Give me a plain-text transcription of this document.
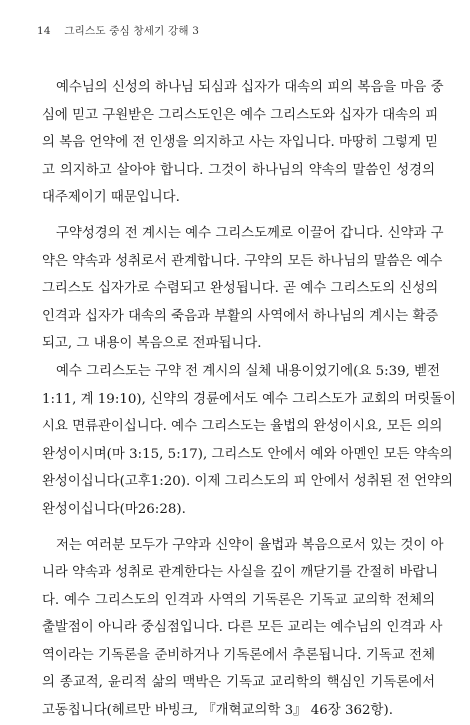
14 그리스도 중심 창세기 강해 3
예수님의 신성의 하나님 되심과 십자가 대속의 피의 복음을 마음 중
심에 믿고 구원받은 그리스도인은 예수 그리스도와 십자가 대속의 피
의 복음 언약에 전 인생을 의지하고 사는 자입니다. 마땅히 그렇게 믿
고 의지하고 살아야 합니다. 그것이 하나님의 약속의 말씀인 성경의
대주제이기 때문입니다.
구약성경의 전 계시는 예수 그리스도께로 이끌어 갑니다. 신약과 구
약은 약속과 성취로서 관계합니다. 구약의 모든 하나님의 말씀은 예수
그리스도 십자가로 수렴되고 완성됩니다. 곧 예수 그리스도의 신성의
인격과 십자가 대속의 죽음과 부활의 사역에서 하나님의 계시는 확증
되고, 그 내용이 복음으로 전파됩니다.
예수 그리스도는 구약 전 계시의 실체 내용이었기에(요 5:39, 벧전
1:11, 계 19:10), 신약의 경륜에서도 예수 그리스도가 교회의 머릿돌이
시요 면류관이십니다. 예수 그리스도는 율법의 완성이시요, 모든 의의
완성이시며(마 3:15, 5:17), 그리스도 안에서 예와 아멘인 모든 약속의
완성이십니다(고후1:20). 이제 그리스도의 피 안에서 성취된 전 언약의
완성이십니다(마26:28).
저는 여러분 모두가 구약과 신약이 율법과 복음으로서 있는 것이 아
니라 약속과 성취로 관계한다는 사실을 깊이 깨닫기를 간절히 바랍니
다. 예수 그리스도의 인격과 사역의 기독론은 기독교 교의학 전체의
출발점이 아니라 중심점입니다. 다른 모든 교리는 예수님의 인격과 사
역이라는 기독론을 준비하거나 기독론에서 추론됩니다. 기독교 전체
의 종교적, 윤리적 삶의 맥박은 기독교 교리학의 핵심인 기독론에서
고동칩니다(헤르만 바빙크, 『개혁교의학 3』 46장 362항).
